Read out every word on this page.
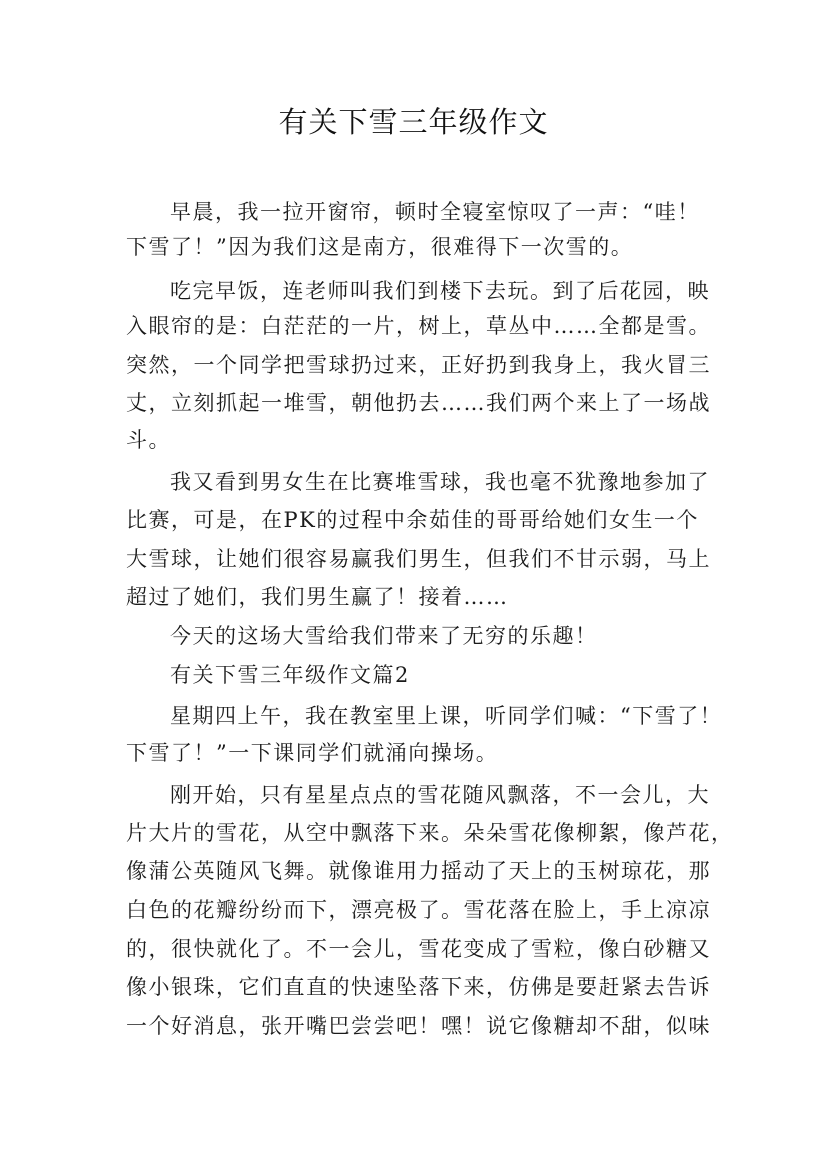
有关下雪三年级作文
早晨，我一拉开窗帘，顿时全寝室惊叹了一声：“哇！
下雪了！”因为我们这是南方，很难得下一次雪的。
吃完早饭，连老师叫我们到楼下去玩。到了后花园，映
入眼帘的是：白茫茫的一片，树上，草丛中……全都是雪。
突然，一个同学把雪球扔过来，正好扔到我身上，我火冒三
丈，立刻抓起一堆雪，朝他扔去……我们两个来上了一场战
斗。
我又看到男女生在比赛堆雪球，我也毫不犹豫地参加了
比赛，可是，在PK的过程中余茹佳的哥哥给她们女生一个
大雪球，让她们很容易赢我们男生，但我们不甘示弱，马上
超过了她们，我们男生赢了！接着……
今天的这场大雪给我们带来了无穷的乐趣！
有关下雪三年级作文篇2
星期四上午，我在教室里上课，听同学们喊：“下雪了！
下雪了！”一下课同学们就涌向操场。
刚开始，只有星星点点的雪花随风飘落，不一会儿，大
片大片的雪花，从空中飘落下来。朵朵雪花像柳絮，像芦花，
像蒲公英随风飞舞。就像谁用力摇动了天上的玉树琼花，那
白色的花瓣纷纷而下，漂亮极了。雪花落在脸上，手上凉凉
的，很快就化了。不一会儿，雪花变成了雪粒，像白砂糖又
像小银珠，它们直直的快速坠落下来，仿佛是要赶紧去告诉
一个好消息，张开嘴巴尝尝吧！嘿！说它像糖却不甜，似味
